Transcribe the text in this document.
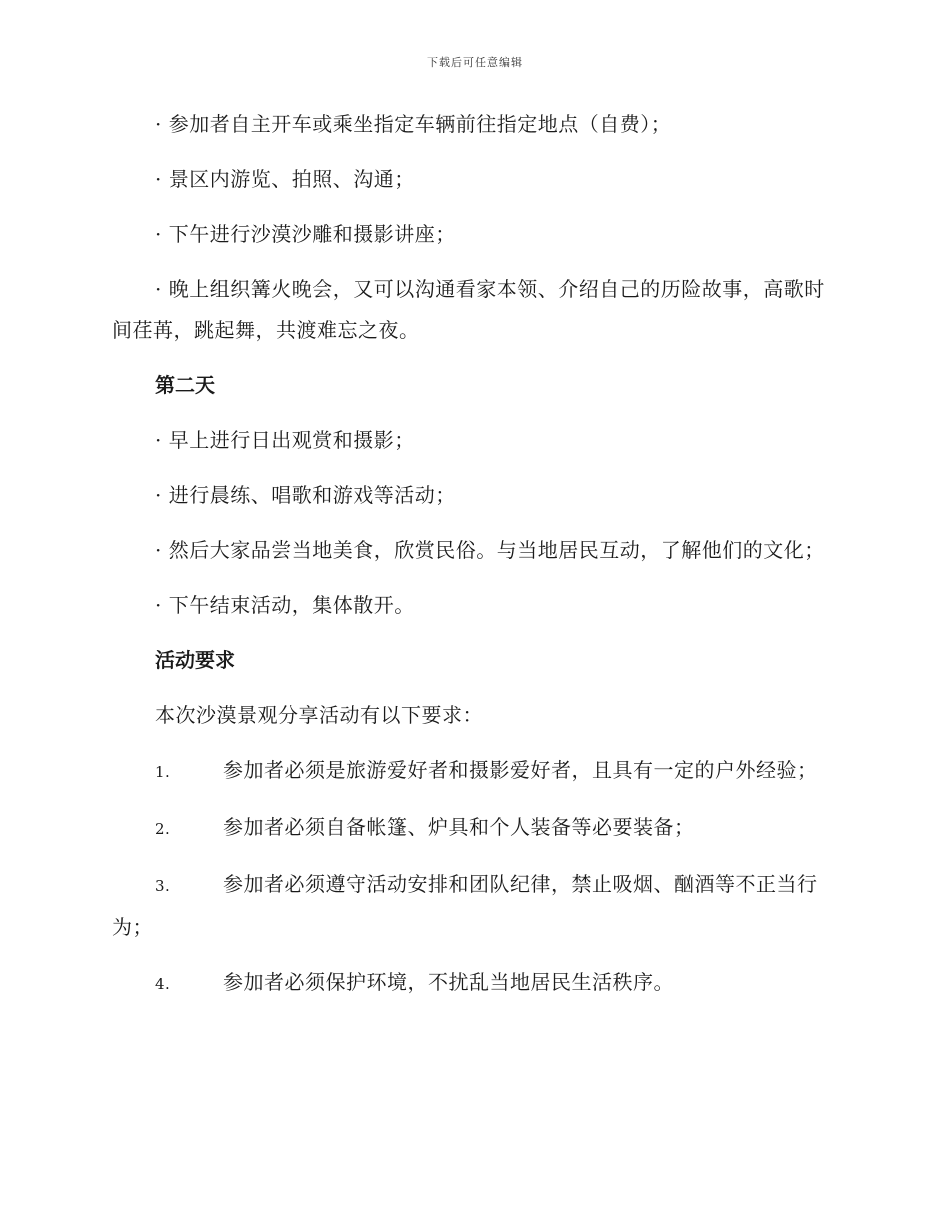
下载后可任意编辑

· 参加者自主开车或乘坐指定车辆前往指定地点（自费）；

· 景区内游览、拍照、沟通；

· 下午进行沙漠沙雕和摄影讲座；

· 晚上组织篝火晚会，又可以沟通看家本领、介绍自己的历险故事，高歌时间荏苒，跳起舞，共渡难忘之夜。

第二天

· 早上进行日出观赏和摄影；

· 进行晨练、唱歌和游戏等活动；

· 然后大家品尝当地美食，欣赏民俗。与当地居民互动，了解他们的文化；

· 下午结束活动，集体散开。

活动要求

本次沙漠景观分享活动有以下要求：

1.	参加者必须是旅游爱好者和摄影爱好者，且具有一定的户外经验；

2.	参加者必须自备帐篷、炉具和个人装备等必要装备；

3.	参加者必须遵守活动安排和团队纪律，禁止吸烟、酗酒等不正当行为；

4.	参加者必须保护环境，不扰乱当地居民生活秩序。
